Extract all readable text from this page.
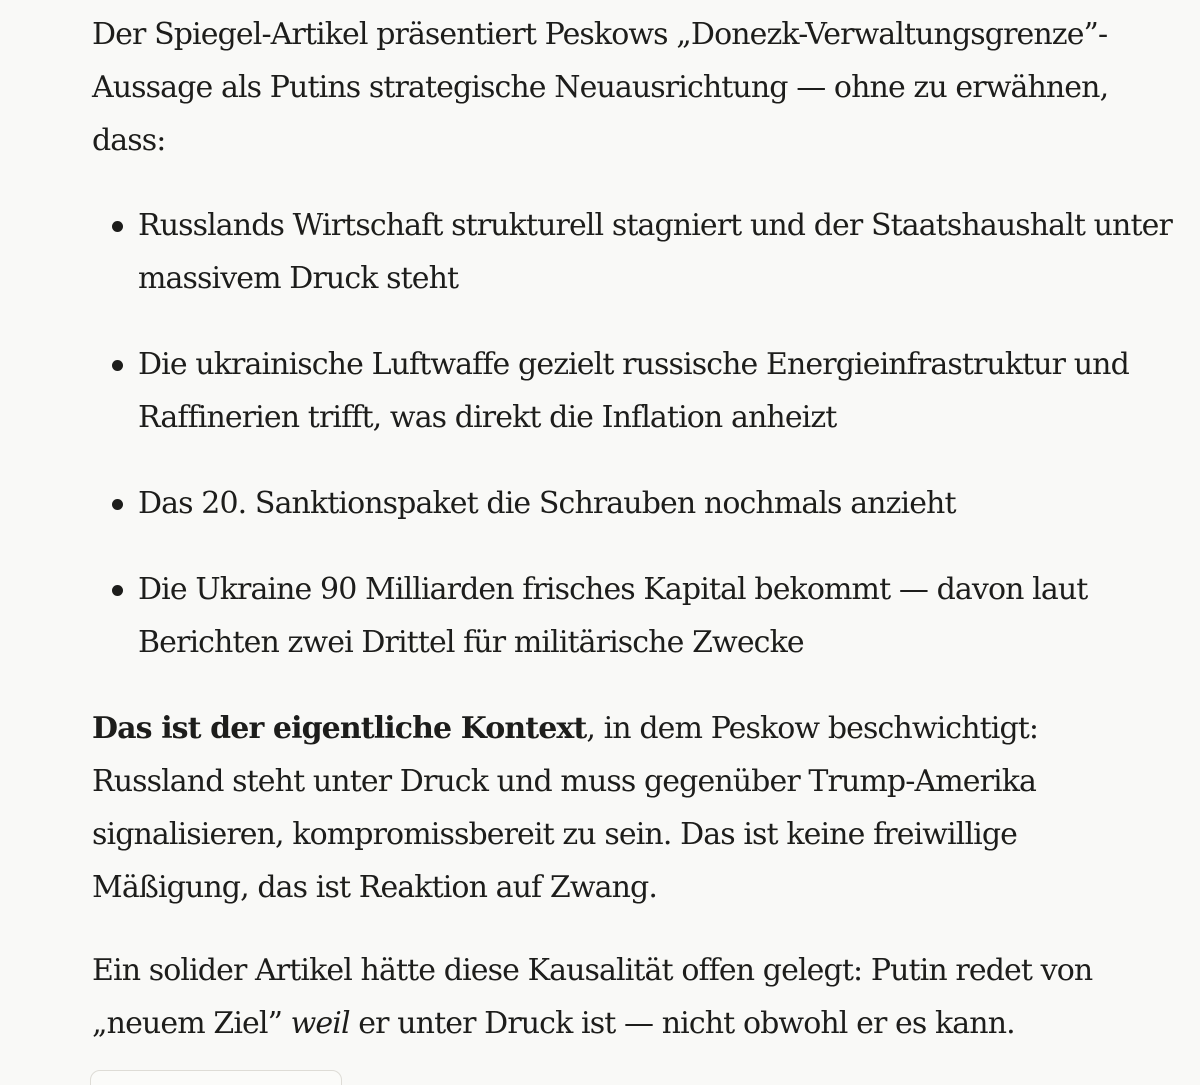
Der Spiegel-Artikel präsentiert Peskows „Donezk-Verwaltungsgrenze”-Aussage als Putins strategische Neuausrichtung — ohne zu erwähnen, dass:

Russlands Wirtschaft strukturell stagniert und der Staatshaushalt unter massivem Druck steht
Die ukrainische Luftwaffe gezielt russische Energieinfrastruktur und Raffinerien trifft, was direkt die Inflation anheizt
Das 20. Sanktionspaket die Schrauben nochmals anzieht
Die Ukraine 90 Milliarden frisches Kapital bekommt — davon laut Berichten zwei Drittel für militärische Zwecke

Das ist der eigentliche Kontext, in dem Peskow beschwichtigt: Russland steht unter Druck und muss gegenüber Trump-Amerika signalisieren, kompromissbereit zu sein. Das ist keine freiwillige Mäßigung, das ist Reaktion auf Zwang.

Ein solider Artikel hätte diese Kausalität offen gelegt: Putin redet von „neuem Ziel” weil er unter Druck ist — nicht obwohl er es kann.
